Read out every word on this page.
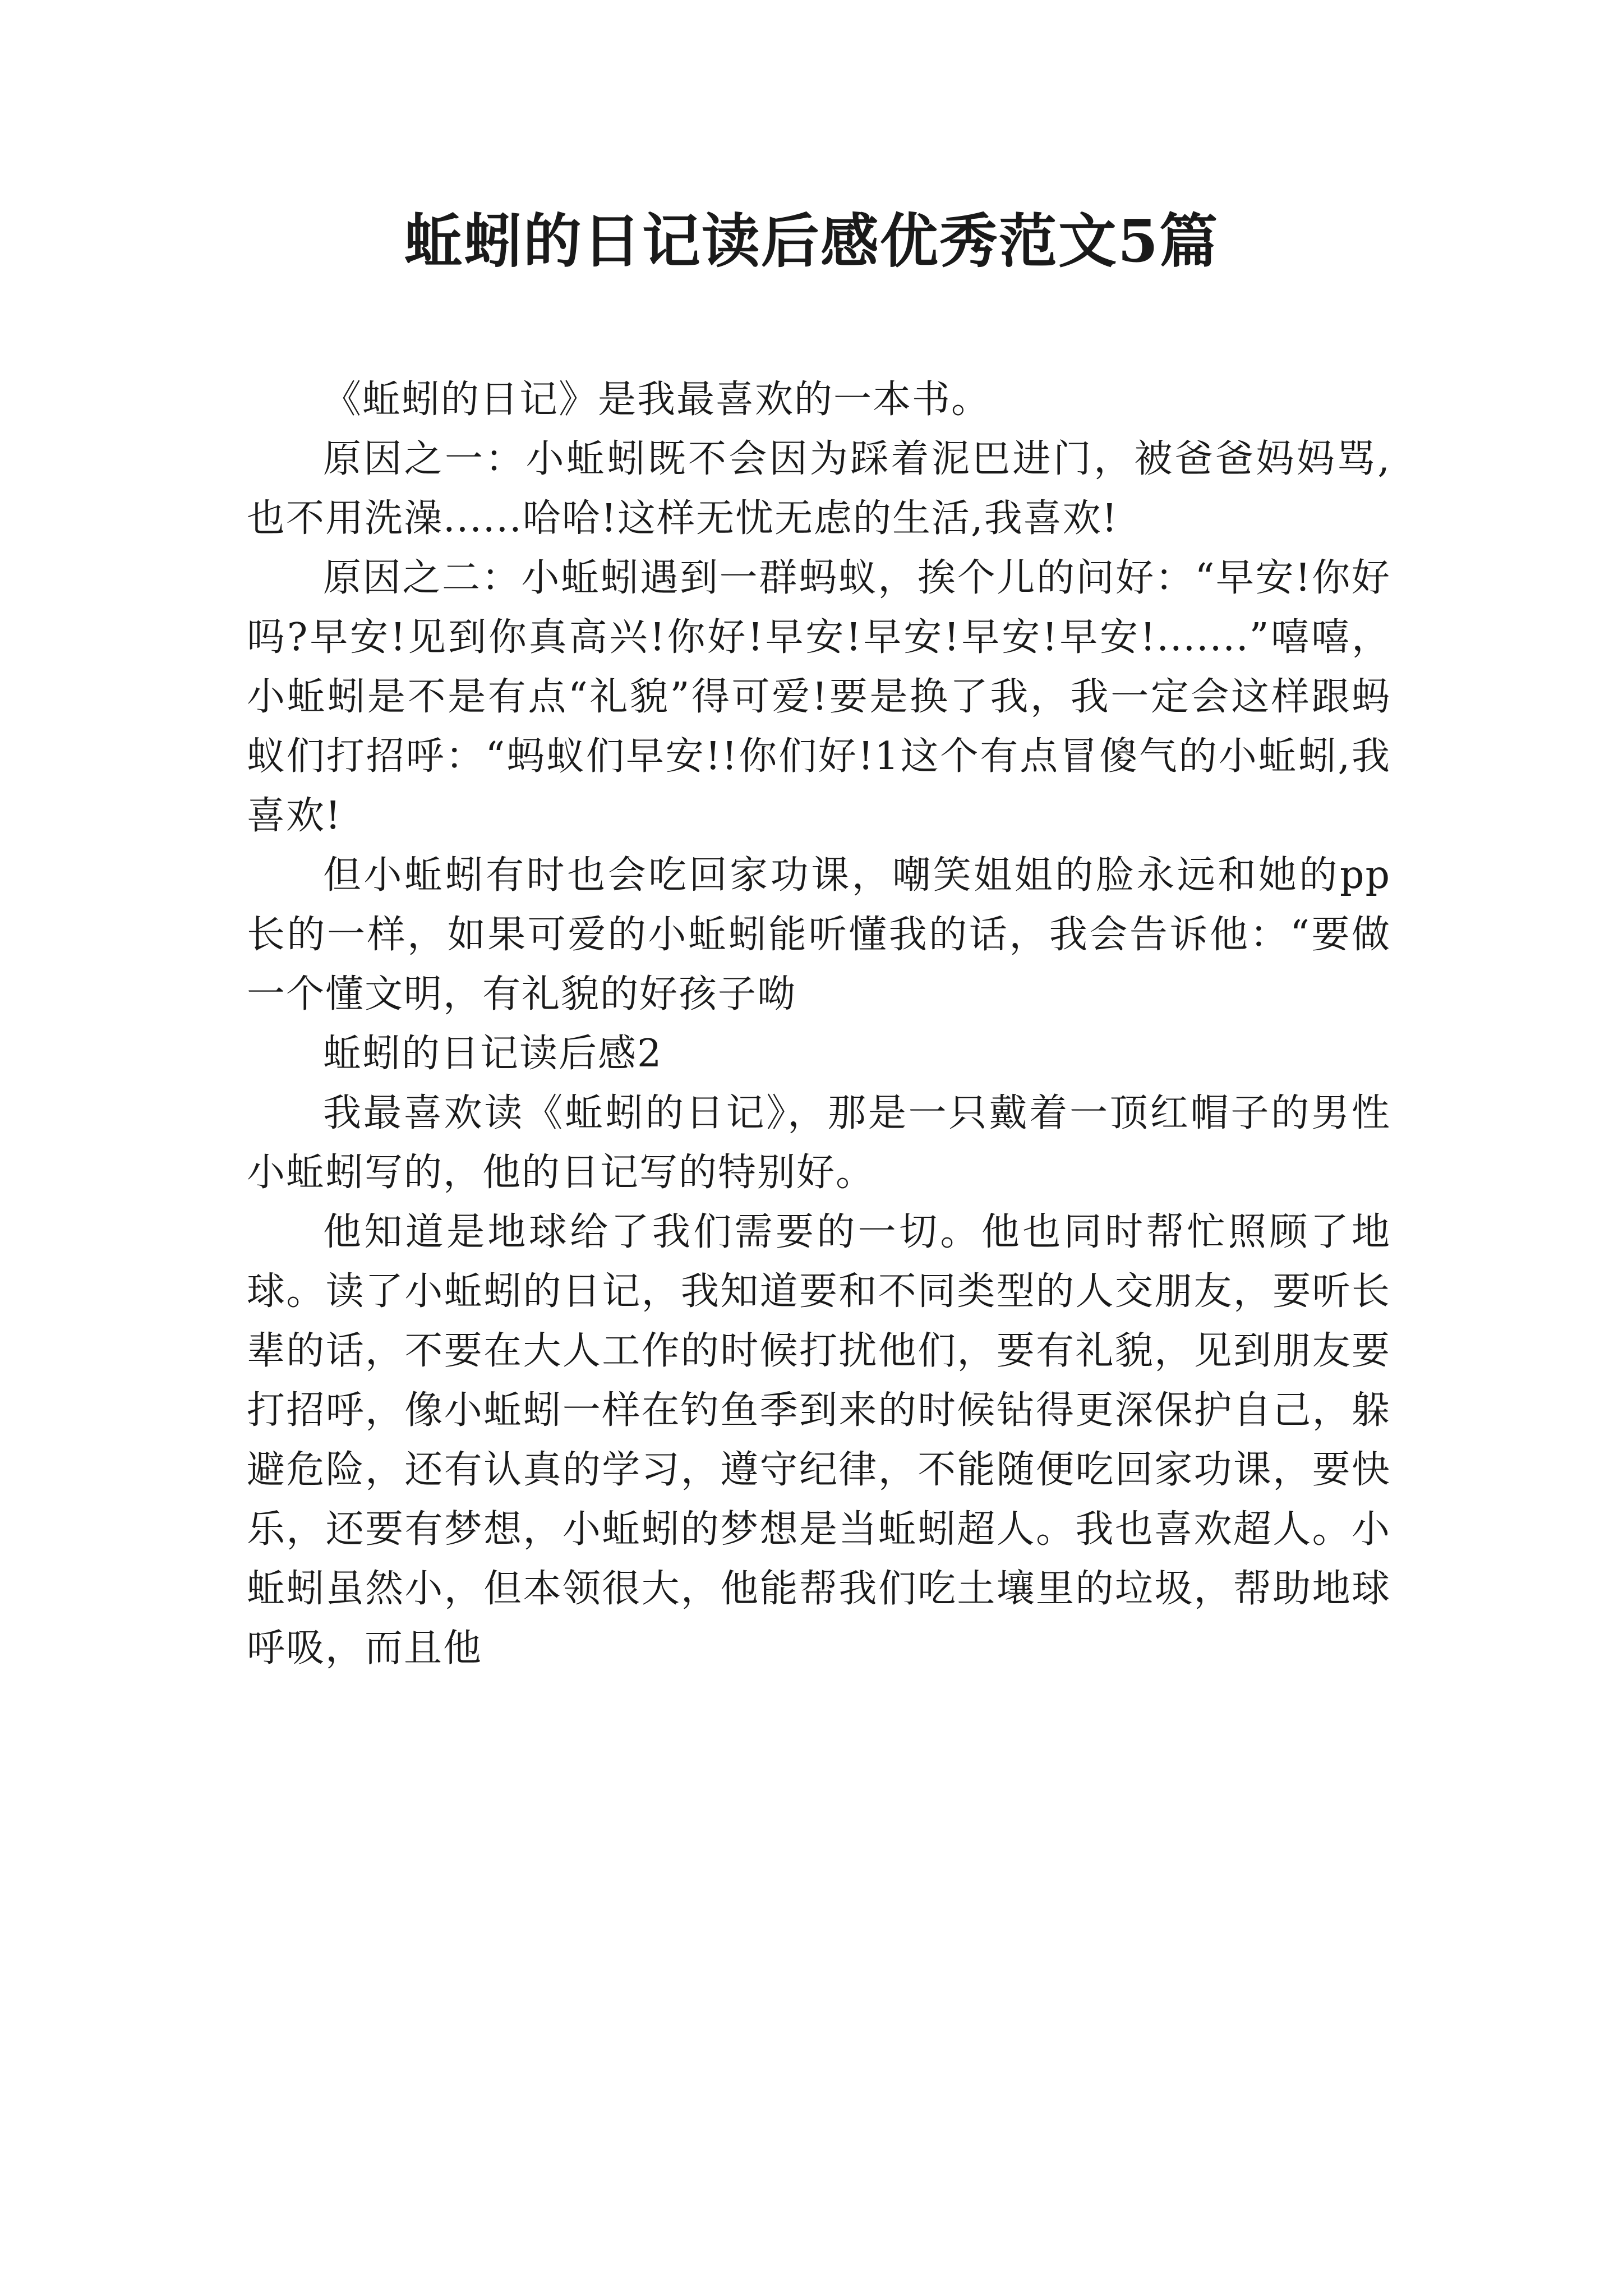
蚯蚓的日记读后感优秀范文5篇

《蚯蚓的日记》是我最喜欢的一本书。

原因之一：小蚯蚓既不会因为踩着泥巴进门，被爸爸妈妈骂,也不用洗澡......哈哈!这样无忧无虑的生活,我喜欢!

原因之二：小蚯蚓遇到一群蚂蚁，挨个儿的问好：“早安!你好吗?早安!见到你真高兴!你好!早安!早安!早安!早安!.......”嘻嘻，小蚯蚓是不是有点“礼貌”得可爱!要是换了我，我一定会这样跟蚂蚁们打招呼：“蚂蚁们早安!!你们好!1这个有点冒傻气的小蚯蚓,我喜欢!

但小蚯蚓有时也会吃回家功课，嘲笑姐姐的脸永远和她的pp长的一样，如果可爱的小蚯蚓能听懂我的话，我会告诉他：“要做一个懂文明，有礼貌的好孩子呦

蚯蚓的日记读后感2

我最喜欢读《蚯蚓的日记》，那是一只戴着一顶红帽子的男性小蚯蚓写的，他的日记写的特别好。

他知道是地球给了我们需要的一切。他也同时帮忙照顾了地球。读了小蚯蚓的日记，我知道要和不同类型的人交朋友，要听长辈的话，不要在大人工作的时候打扰他们，要有礼貌，见到朋友要打招呼，像小蚯蚓一样在钓鱼季到来的时候钻得更深保护自己，躲避危险，还有认真的学习，遵守纪律，不能随便吃回家功课，要快乐，还要有梦想，小蚯蚓的梦想是当蚯蚓超人。我也喜欢超人。小蚯蚓虽然小，但本领很大，他能帮我们吃土壤里的垃圾，帮助地球呼吸，而且他
